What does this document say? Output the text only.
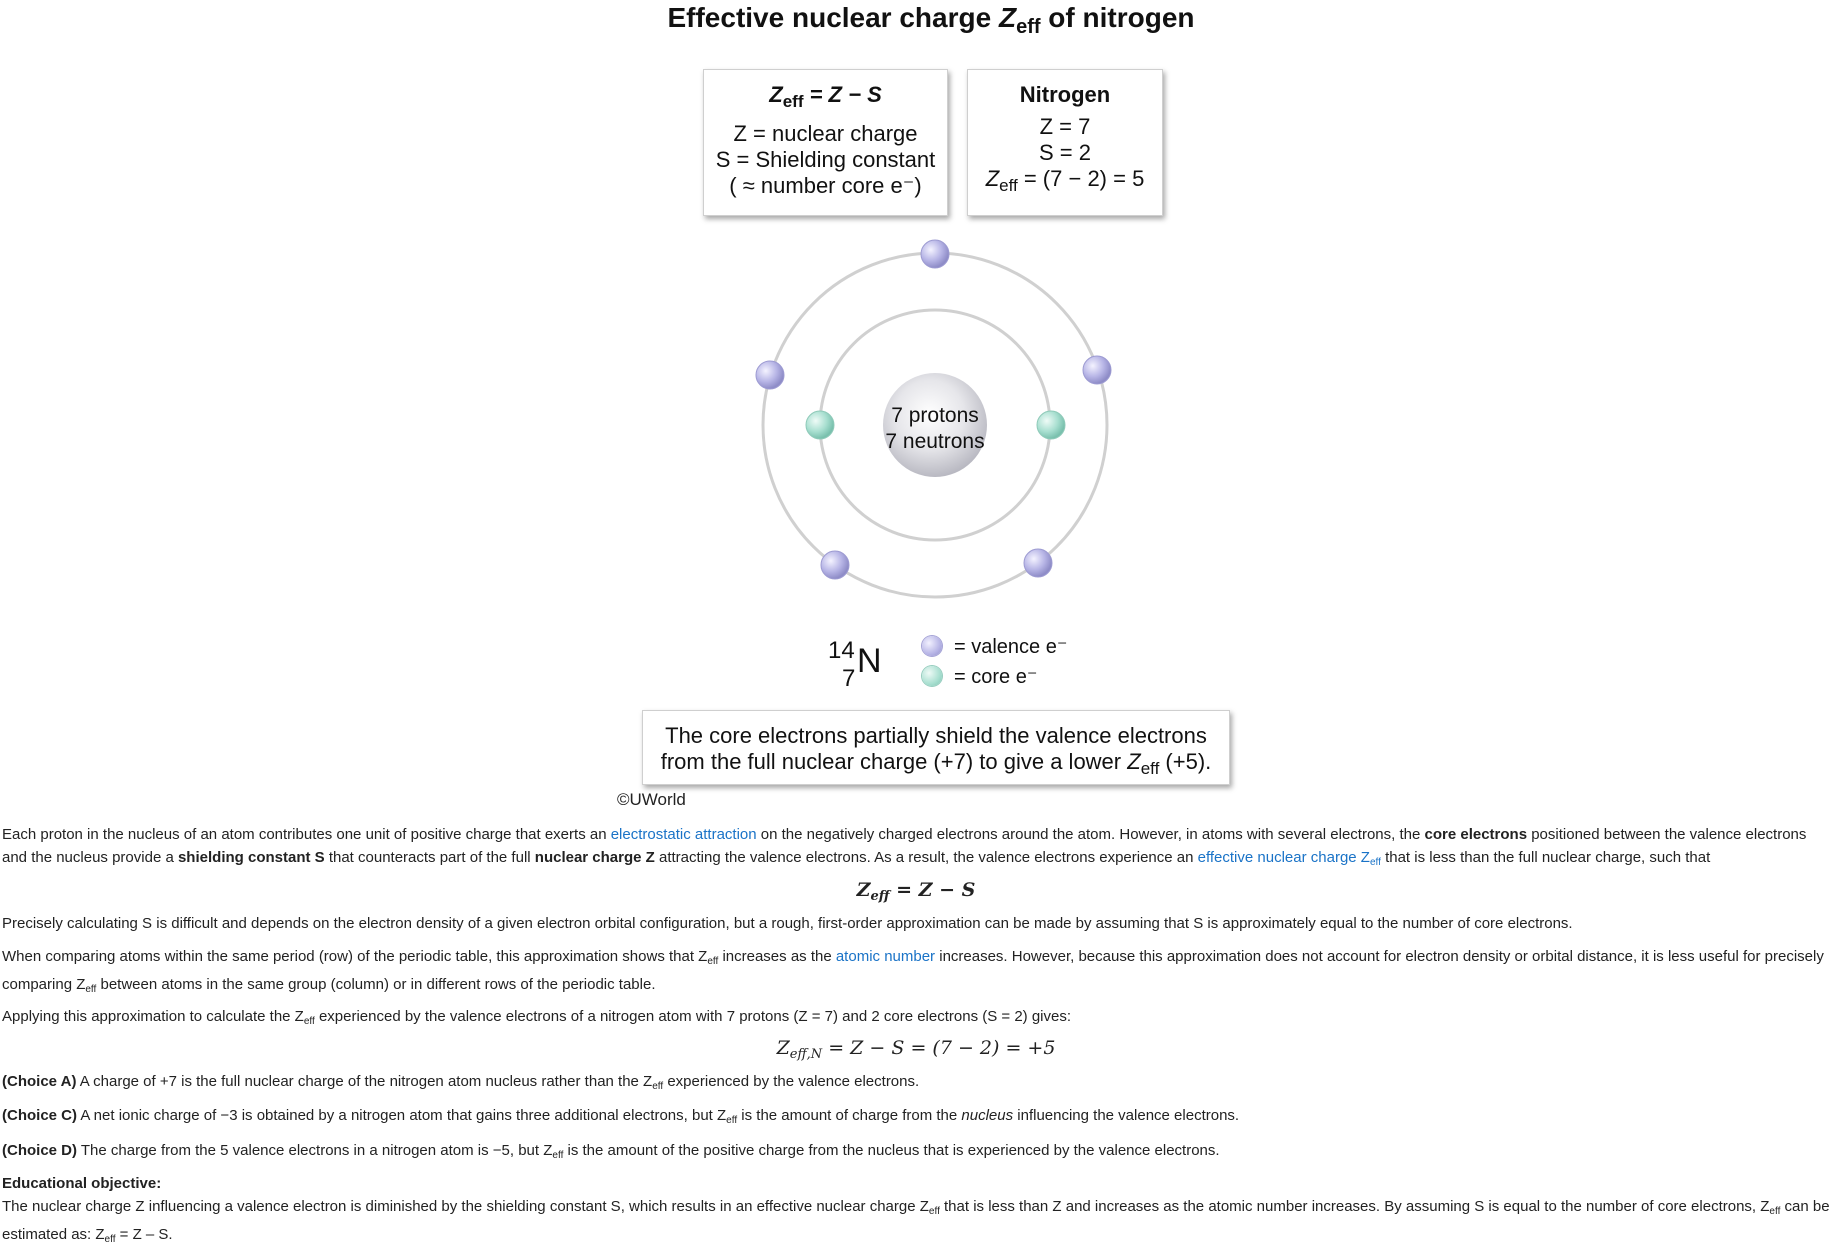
Effective nuclear charge $Z_{eff}$ of nitrogen
$Z_{eff} = Z - S$
Z = nuclear charge
S = Shielding constant
( ≈ number core e⁻)
Nitrogen
Z = 7
S = 2
$Z_{eff} = (7 - 2) = 5$
7 protons
7 neutrons
14
7 N	= valence e⁻
= core e⁻
The core electrons partially shield the valence electrons
from the full nuclear charge (+7) to give a lower $Z_{eff}$ (+5).
©UWorld

Each proton in the nucleus of an atom contributes one unit of positive charge that exerts an electrostatic attraction on the negatively charged electrons around the atom. However, in atoms with several electrons, the core electrons positioned between the valence electrons and the nucleus provide a shielding constant S that counteracts part of the full nuclear charge Z attracting the valence electrons. As a result, the valence electrons experience an effective nuclear charge $Z_{eff}$ that is less than the full nuclear charge, such that

$Z_{eff} = Z - S$
Precisely calculating S is difficult and depends on the electron density of a given electron orbital configuration, but a rough, first-order approximation can be made by assuming that S is approximately equal to the number of core electrons.

When comparing atoms within the same period (row) of the periodic table, this approximation shows that $Z_{eff}$ increases as the atomic number increases. However, because this approximation does not account for electron density or orbital distance, it is less useful for precisely comparing $Z_{eff}$ between atoms in the same group (column) or in different rows of the periodic table.

Applying this approximation to calculate the $Z_{eff}$ experienced by the valence electrons of a nitrogen atom with 7 protons (Z = 7) and 2 core electrons (S = 2) gives:

$Z_{eff,N} = Z - S = (7 - 2) = +5$

(Choice A) A charge of +7 is the full nuclear charge of the nitrogen atom nucleus rather than the $Z_{eff}$ experienced by the valence electrons.

(Choice C) A net ionic charge of −3 is obtained by a nitrogen atom that gains three additional electrons, but $Z_{eff}$ is the amount of charge from the nucleus influencing the valence electrons.

(Choice D) The charge from the 5 valence electrons in a nitrogen atom is −5, but $Z_{eff}$ is the amount of the positive charge from the nucleus that is experienced by the valence electrons.

Educational objective:

The nuclear charge Z influencing a valence electron is diminished by the shielding constant S, which results in an effective nuclear charge $Z_{eff}$ that is less than Z and increases as the atomic number increases. By assuming S is equal to the number of core electrons, $Z_{eff}$ can be estimated as: $Z_{eff} = Z - S$.
